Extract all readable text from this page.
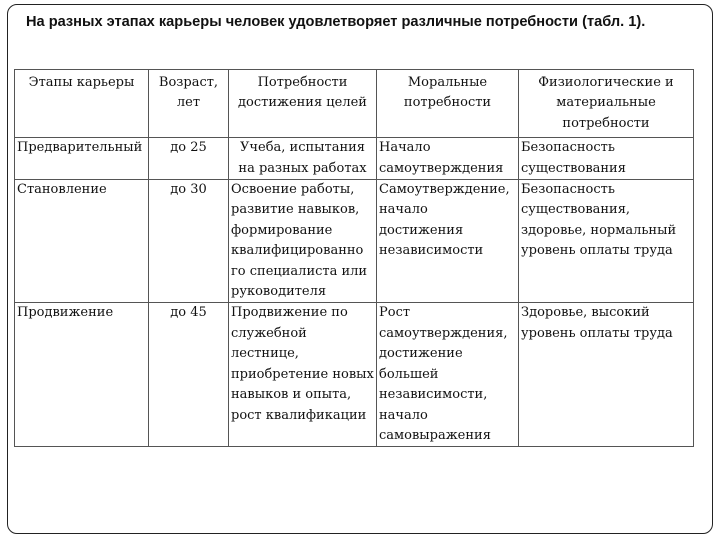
На разных этапах карьеры человек удовлетворяет различные потребности (табл. 1).
Этапы карьеры	Возраст, лет	Потребности достижения целей	Моральные потребности	Физиологические и материальные потребности
Предварительный	до 25	Учеба, испытания на разных работах	Начало самоутверждения	Безопасность существования
Становление	до 30	Освоение работы, развитие навыков, формирование квалифицированно го специалиста или руководителя	Самоутверждение, начало достижения независимости	Безопасность существования, здоровье, нормальный уровень оплаты труда
Продвижение	до 45	Продвижение по служебной лестнице, приобретение новых навыков и опыта, рост квалификации	Рост самоутверждения, достижение большей независимости, начало самовыражения	Здоровье, высокий уровень оплаты труда
